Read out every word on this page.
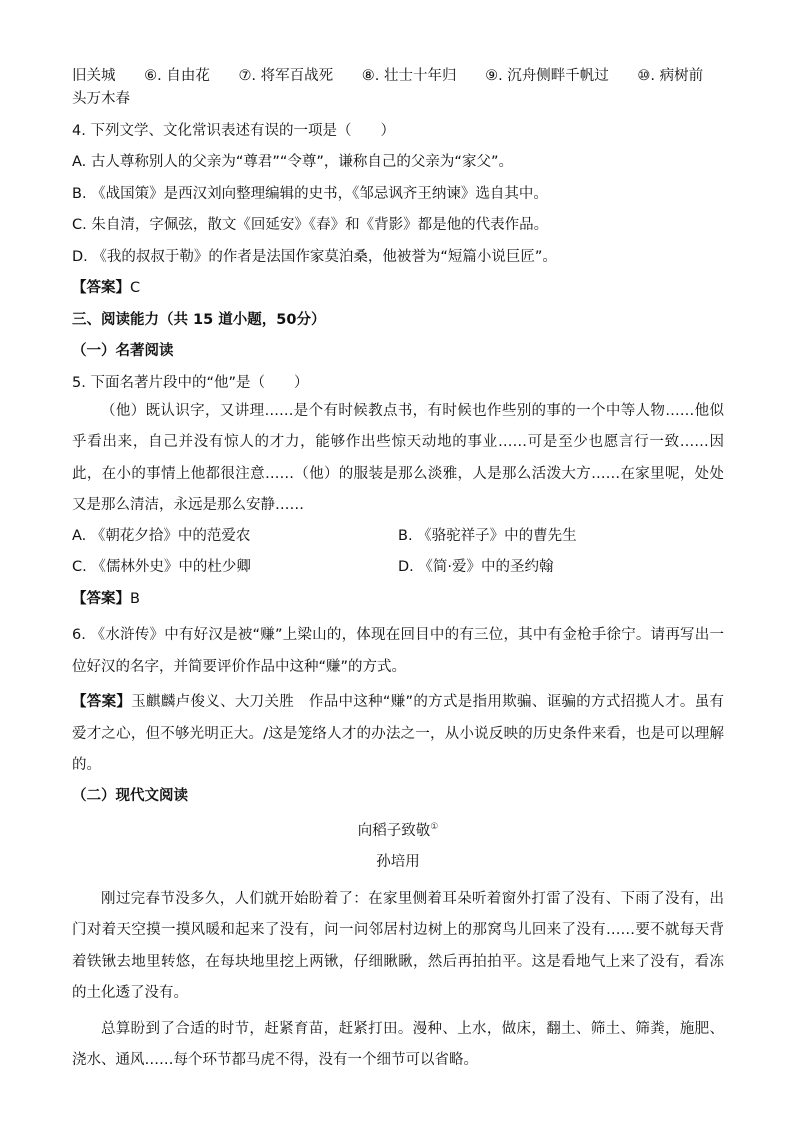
旧关城 ⑥. 自由花 ⑦. 将军百战死 ⑧. 壮士十年归 ⑨. 沉舟侧畔千帆过 ⑩. 病树前
头万木春
4. 下列文学、文化常识表述有误的一项是（　　）
A. 古人尊称别人的父亲为“尊君”“令尊”，谦称自己的父亲为“家父”。
B. 《战国策》是西汉刘向整理编辑的史书，《邹忌讽齐王纳谏》选自其中。
C. 朱自清，字佩弦，散文《回延安》《春》和《背影》都是他的代表作品。
D. 《我的叔叔于勒》的作者是法国作家莫泊桑，他被誉为“短篇小说巨匠”。
【答案】C
三、阅读能力（共 15 道小题，50分）
（一）名著阅读
5. 下面名著片段中的“他”是（　　）
（他）既认识字，又讲理……是个有时候教点书，有时候也作些别的事的一个中等人物……他似乎看出来，自己并没有惊人的才力，能够作出些惊天动地的事业……可是至少也愿言行一致……因此，在小的事情上他都很注意……（他）的服装是那么淡雅，人是那么活泼大方……在家里呢，处处又是那么清洁，永远是那么安静……
A. 《朝花夕拾》中的范爱农	B. 《骆驼祥子》中的曹先生
C. 《儒林外史》中的杜少卿	D. 《简·爱》中的圣约翰
【答案】B
6. 《水浒传》中有好汉是被“赚”上梁山的，体现在回目中的有三位，其中有金枪手徐宁。请再写出一位好汉的名字，并简要评价作品中这种“赚”的方式。
【答案】玉麒麟卢俊义、大刀关胜　作品中这种“赚”的方式是指用欺骗、诓骗的方式招揽人才。虽有爱才之心，但不够光明正大。/这是笼络人才的办法之一，从小说反映的历史条件来看，也是可以理解的。
（二）现代文阅读
向稻子致敬①
孙培用
刚过完春节没多久，人们就开始盼着了：在家里侧着耳朵听着窗外打雷了没有、下雨了没有，出门对着天空摸一摸风暖和起来了没有，问一问邻居村边树上的那窝鸟儿回来了没有……要不就每天背着铁锹去地里转悠，在每块地里挖上两锹，仔细瞅瞅，然后再拍拍平。这是看地气上来了没有，看冻的土化透了没有。
总算盼到了合适的时节，赶紧育苗，赶紧打田。漫种、上水，做床，翻土、筛土、筛粪，施肥、浇水、通风……每个环节都马虎不得，没有一个细节可以省略。
